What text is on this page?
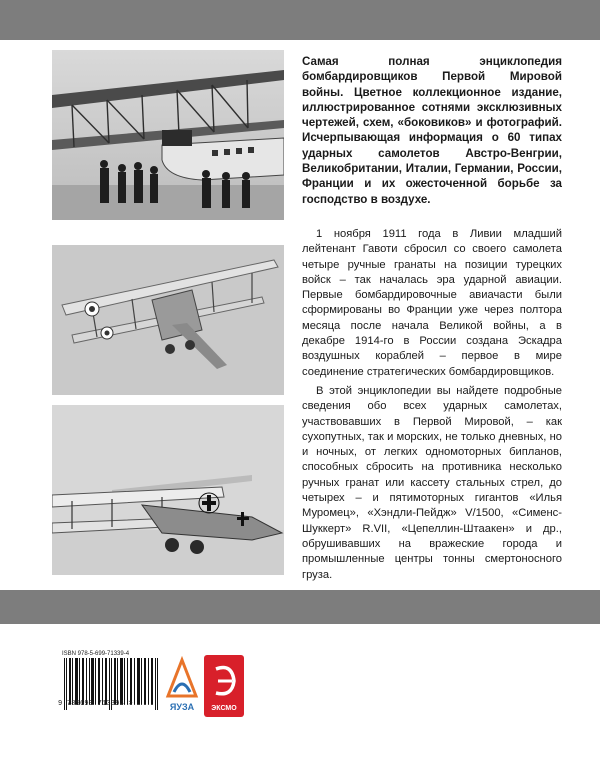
Самая полная энциклопедия бомбардировщиков Первой Мировой войны. Цветное коллекционное издание, иллюстрированное сотнями эксклюзивных чертежей, схем, «боковиков» и фотографий. Исчерпывающая информация о 60 типах ударных самолетов Австро-Венгрии, Великобритании, Италии, Германии, России, Франции и их ожесточенной борьбе за господство в воздухе.

1 ноября 1911 года в Ливии младший лейтенант Гавоти сбросил со своего самолета четыре ручные гранаты на позиции турецких войск – так началась эра ударной авиации. Первые бомбардировочные авиачасти были сформированы во Франции уже через полтора месяца после начала Великой войны, а в декабре 1914-го в России создана Эскадра воздушных кораблей – первое в мире соединение стратегических бомбардировщиков.

В этой энциклопедии вы найдете подробные сведения обо всех ударных самолетах, участвовавших в Первой Мировой, – как сухопутных, так и морских, не только дневных, но и ночных, от легких одномоторных бипланов, способных сбросить на противника несколько ручных гранат или кассету стальных стрел, до четырех – и пятимоторных гигантов «Илья Муромец», «Хэндли-Пейдж» V/1500, «Сименс-Шуккерт» R.VII, «Цепеллин-Штаакен» и др., обрушивавших на вражеские города и промышленные центры тонны смертоносного груза.

ISBN 978-5-699-71339-4
9 785699 713394 >	ЯУЗА ЭКСМО
